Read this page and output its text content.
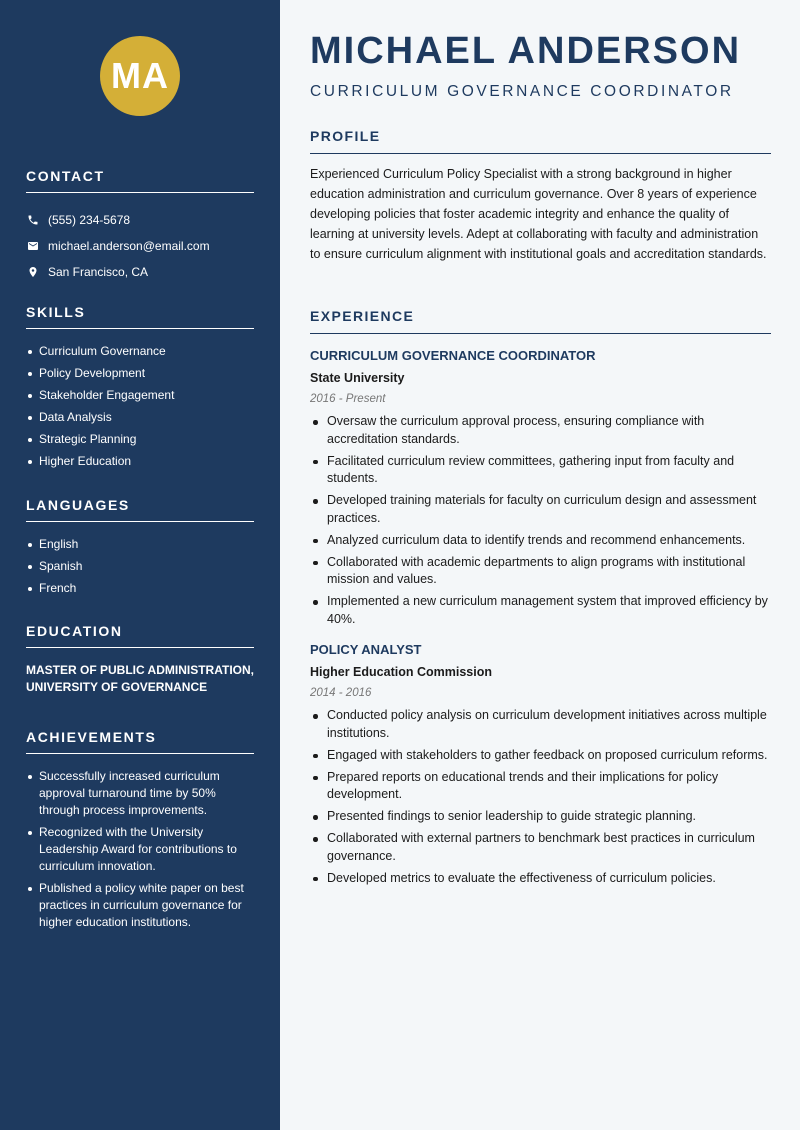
MA
CONTACT
(555) 234-5678
michael.anderson@email.com
San Francisco, CA
SKILLS
Curriculum Governance
Policy Development
Stakeholder Engagement
Data Analysis
Strategic Planning
Higher Education
LANGUAGES
English
Spanish
French
EDUCATION
MASTER OF PUBLIC ADMINISTRATION, UNIVERSITY OF GOVERNANCE
ACHIEVEMENTS
Successfully increased curriculum approval turnaround time by 50% through process improvements.
Recognized with the University Leadership Award for contributions to curriculum innovation.
Published a policy white paper on best practices in curriculum governance for higher education institutions.
MICHAEL ANDERSON
CURRICULUM GOVERNANCE COORDINATOR
PROFILE

Experienced Curriculum Policy Specialist with a strong background in higher education administration and curriculum governance. Over 8 years of experience developing policies that foster academic integrity and enhance the quality of learning at university levels. Adept at collaborating with faculty and administration to ensure curriculum alignment with institutional goals and accreditation standards.

EXPERIENCE
CURRICULUM GOVERNANCE COORDINATOR
State University
2016 - Present
Oversaw the curriculum approval process, ensuring compliance with accreditation standards.
Facilitated curriculum review committees, gathering input from faculty and students.
Developed training materials for faculty on curriculum design and assessment practices.
Analyzed curriculum data to identify trends and recommend enhancements.
Collaborated with academic departments to align programs with institutional mission and values.
Implemented a new curriculum management system that improved efficiency by 40%.
POLICY ANALYST
Higher Education Commission
2014 - 2016
Conducted policy analysis on curriculum development initiatives across multiple institutions.
Engaged with stakeholders to gather feedback on proposed curriculum reforms.
Prepared reports on educational trends and their implications for policy development.
Presented findings to senior leadership to guide strategic planning.
Collaborated with external partners to benchmark best practices in curriculum governance.
Developed metrics to evaluate the effectiveness of curriculum policies.
